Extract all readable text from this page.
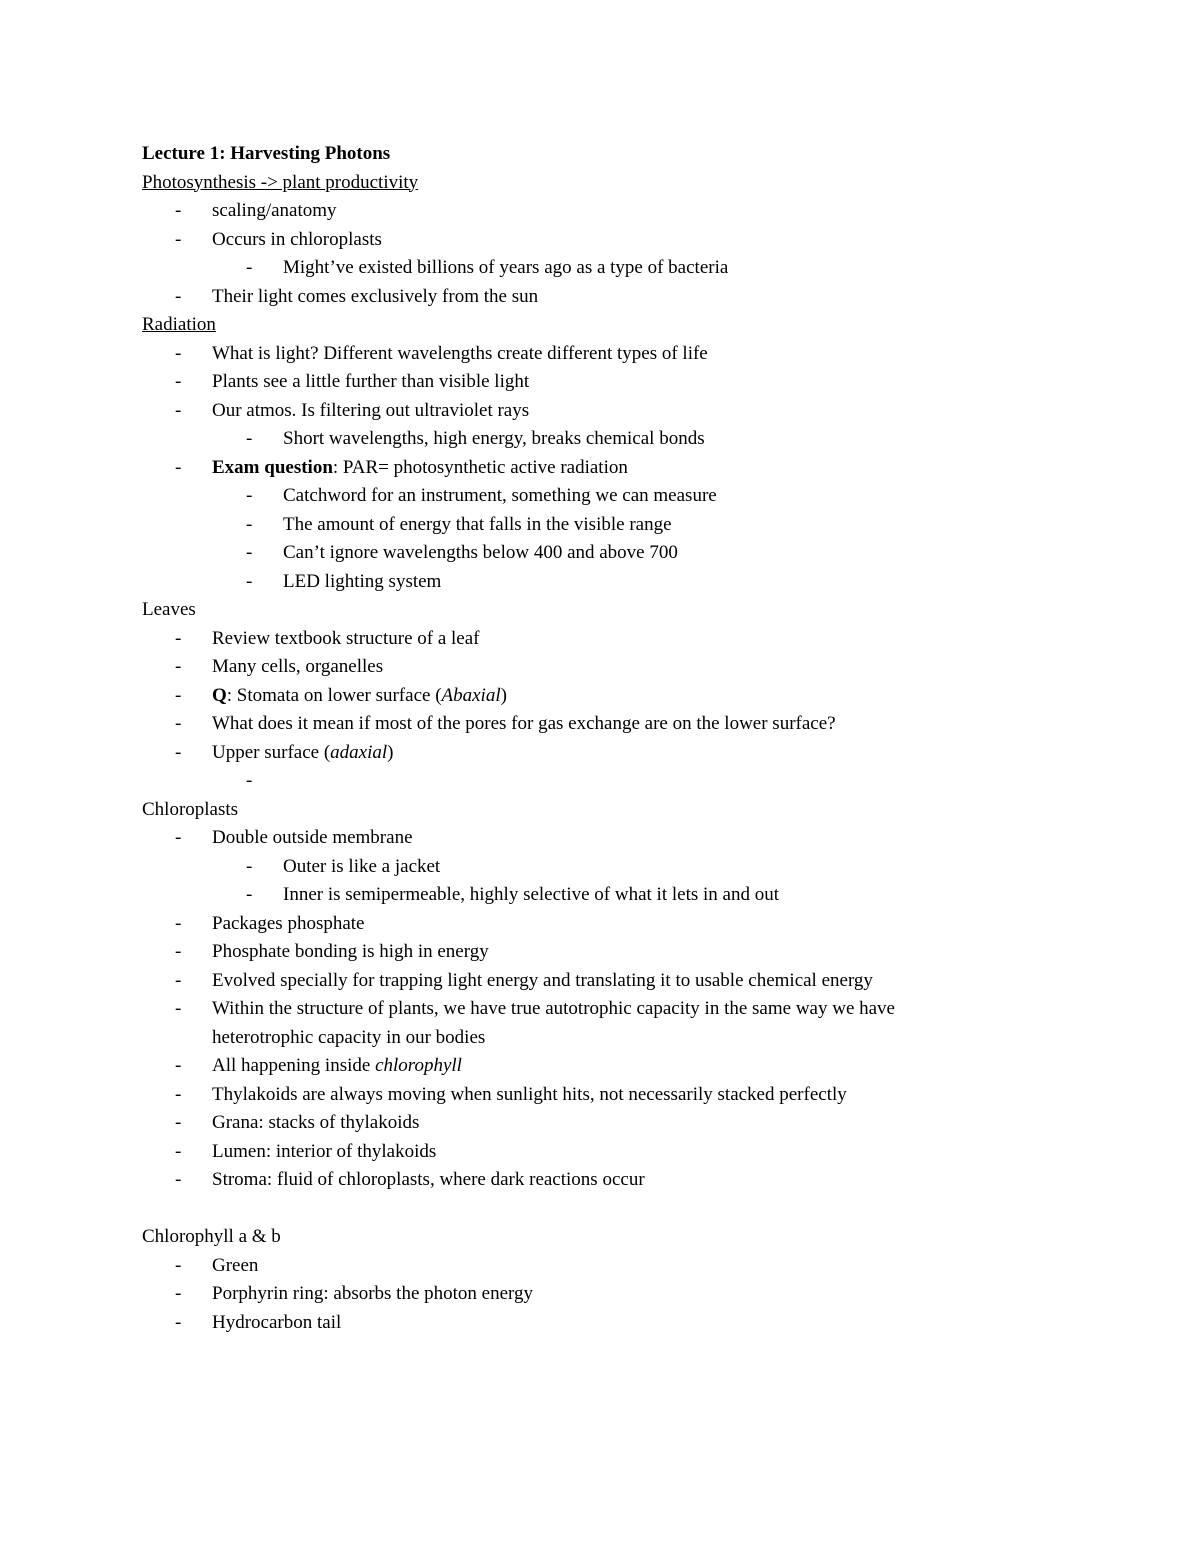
Lecture 1: Harvesting Photons
Photosynthesis -> plant productivity
-	scaling/anatomy
-	Occurs in chloroplasts
-	Might’ve existed billions of years ago as a type of bacteria
-	Their light comes exclusively from the sun
Radiation
-	What is light? Different wavelengths create different types of life
-	Plants see a little further than visible light
-	Our atmos. Is filtering out ultraviolet rays
-	Short wavelengths, high energy, breaks chemical bonds
-	Exam question: PAR= photosynthetic active radiation
-	Catchword for an instrument, something we can measure
-	The amount of energy that falls in the visible range
-	Can’t ignore wavelengths below 400 and above 700
-	LED lighting system
Leaves
-	Review textbook structure of a leaf
-	Many cells, organelles
-	Q: Stomata on lower surface (Abaxial)
-	What does it mean if most of the pores for gas exchange are on the lower surface?
-	Upper surface (adaxial)
-
Chloroplasts
-	Double outside membrane
-	Outer is like a jacket
-	Inner is semipermeable, highly selective of what it lets in and out
-	Packages phosphate
-	Phosphate bonding is high in energy
-	Evolved specially for trapping light energy and translating it to usable chemical energy
-	Within the structure of plants, we have true autotrophic capacity in the same way we have heterotrophic capacity in our bodies
-	All happening inside chlorophyll
-	Thylakoids are always moving when sunlight hits, not necessarily stacked perfectly
-	Grana: stacks of thylakoids
-	Lumen: interior of thylakoids
-	Stroma: fluid of chloroplasts, where dark reactions occur
Chlorophyll a & b
-	Green
-	Porphyrin ring: absorbs the photon energy
-	Hydrocarbon tail
